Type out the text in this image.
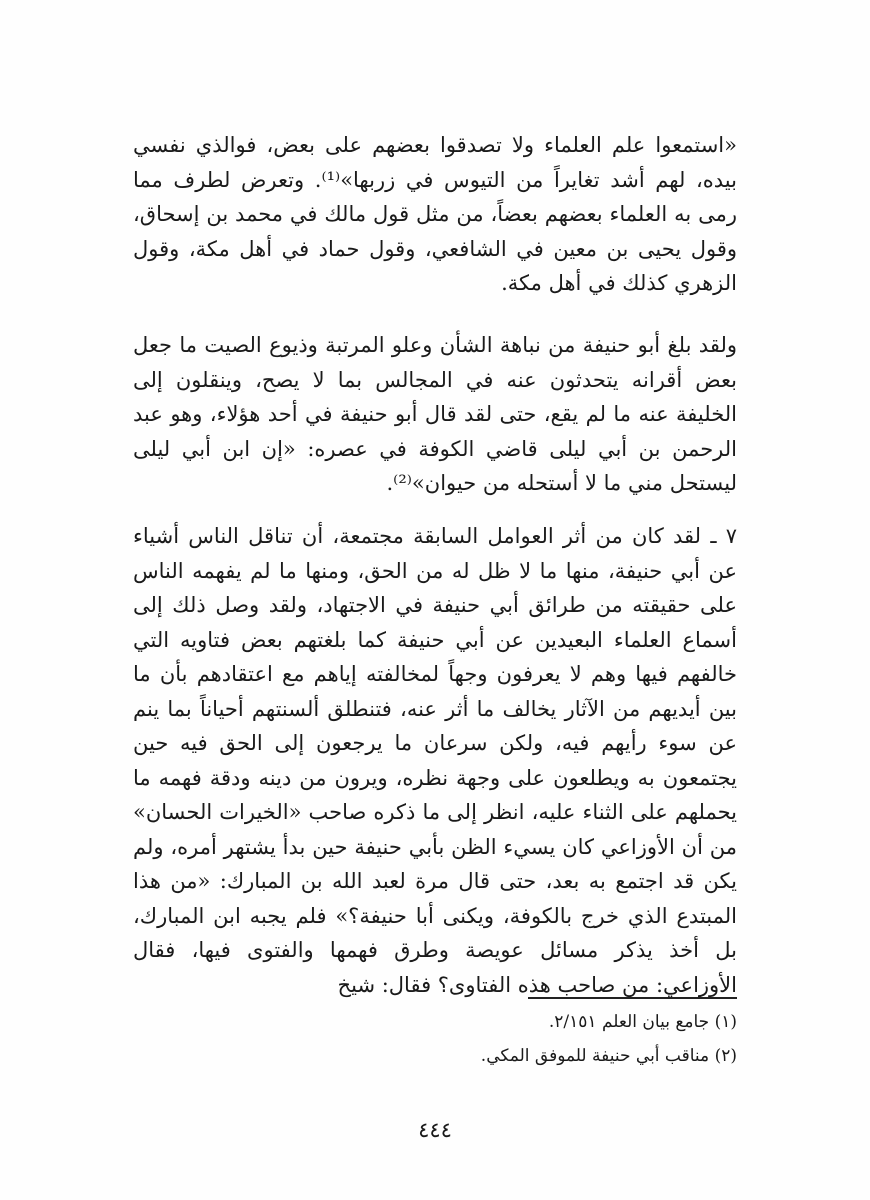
«استمعوا علم العلماء ولا تصدقوا بعضهم على بعض، فوالذي نفسي بيده، لهم أشد تغايراً من التيوس في زربها»⁽¹⁾. وتعرض لطرف مما رمى به العلماء بعضهم بعضاً، من مثل قول مالك في محمد بن إسحاق، وقول يحيى بن معين في الشافعي، وقول حماد في أهل مكة، وقول الزهري كذلك في أهل مكة.

ولقد بلغ أبو حنيفة من نباهة الشأن وعلو المرتبة وذيوع الصيت ما جعل بعض أقرانه يتحدثون عنه في المجالس بما لا يصح، وينقلون إلى الخليفة عنه ما لم يقع، حتى لقد قال أبو حنيفة في أحد هؤلاء، وهو عبد الرحمن بن أبي ليلى قاضي الكوفة في عصره: «إن ابن أبي ليلى ليستحل مني ما لا أستحله من حيوان»⁽²⁾.

٧ ـ لقد كان من أثر العوامل السابقة مجتمعة، أن تناقل الناس أشياء عن أبي حنيفة، منها ما لا ظل له من الحق، ومنها ما لم يفهمه الناس على حقيقته من طرائق أبي حنيفة في الاجتهاد، ولقد وصل ذلك إلى أسماع العلماء البعيدين عن أبي حنيفة كما بلغتهم بعض فتاويه التي خالفهم فيها وهم لا يعرفون وجهاً لمخالفته إياهم مع اعتقادهم بأن ما بين أيديهم من الآثار يخالف ما أثر عنه، فتنطلق ألسنتهم أحياناً بما ينم عن سوء رأيهم فيه، ولكن سرعان ما يرجعون إلى الحق فيه حين يجتمعون به ويطلعون على وجهة نظره، ويرون من دينه ودقة فهمه ما يحملهم على الثناء عليه، انظر إلى ما ذكره صاحب «الخيرات الحسان» من أن الأوزاعي كان يسيء الظن بأبي حنيفة حين بدأ يشتهر أمره، ولم يكن قد اجتمع به بعد، حتى قال مرة لعبد الله بن المبارك: «من هذا المبتدع الذي خرج بالكوفة، ويكنى أبا حنيفة؟» فلم يجبه ابن المبارك، بل أخذ يذكر مسائل عويصة وطرق فهمها والفتوى فيها، فقال الأوزاعي: من صاحب هذه الفتاوى؟ فقال: شيخ

(١) جامع بيان العلم ٢/١٥١.

(٢) مناقب أبي حنيفة للموفق المكي.

٤٤٤
